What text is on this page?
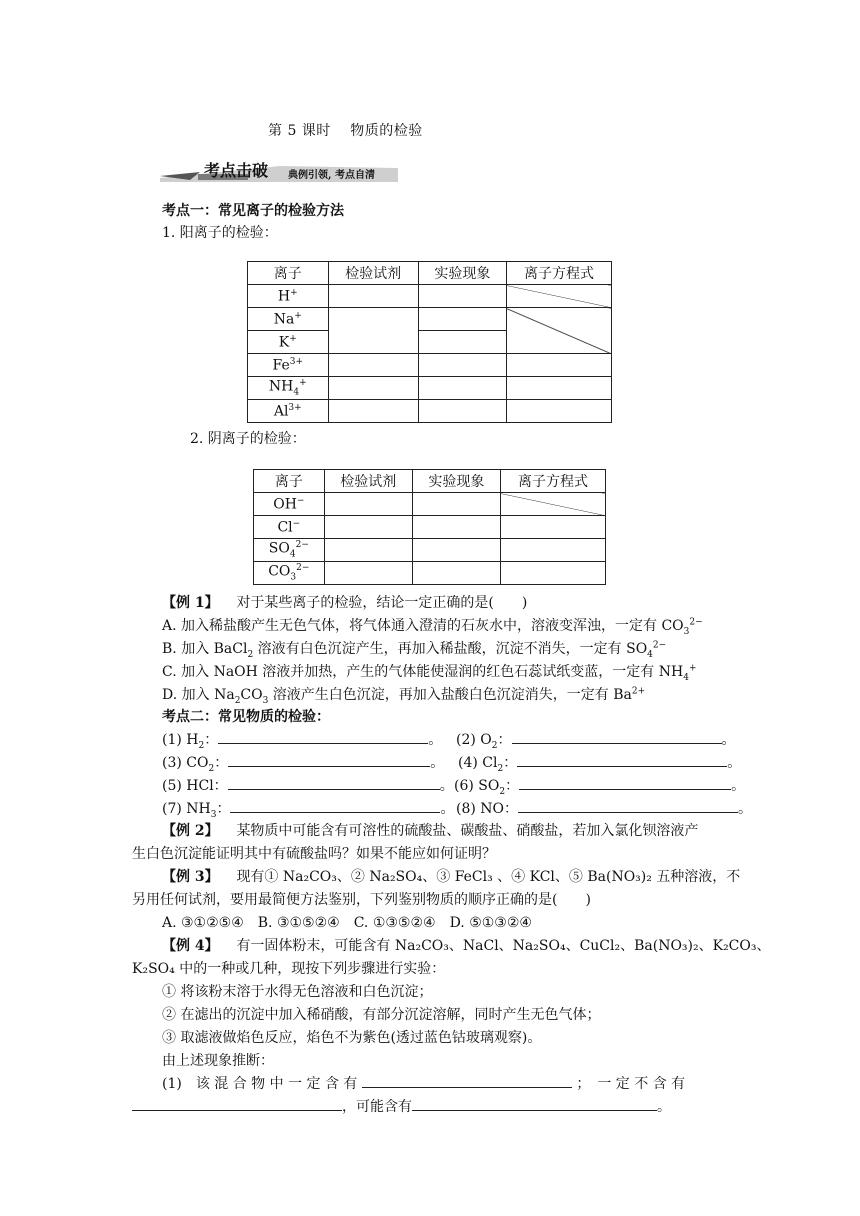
第 5 课时　 物质的检验
考点击破 典例引领, 考点自清
考点一：常见离子的检验方法
1. 阳离子的检验：
离子	检验试剂	实验现象	离子方程式
H+			
Na+			
K+	
$Fe^{3+}$			
$NH_4^+$			
$Al^{3+}$			
2. 阴离子的检验：
离子	检验试剂	实验现象	离子方程式
OH−			
Cl−			
$SO_4^{2-}$			
$CO_3^{2-}$			
【例 1】 对于某些离子的检验，结论一定正确的是(　　)
A. 加入稀盐酸产生无色气体，将气体通入澄清的石灰水中，溶液变浑浊，一定有 $CO_3^{2-}$
B. 加入 BaCl$_2$ 溶液有白色沉淀产生，再加入稀盐酸，沉淀不消失，一定有 $SO_4^{2-}$
C. 加入 NaOH 溶液并加热，产生的气体能使湿润的红色石蕊试纸变蓝，一定有 $NH_4^+$
D. 加入 $Na_2CO_3$ 溶液产生白色沉淀，再加入盐酸白色沉淀消失，一定有 $Ba^{2+}$
考点二：常见物质的检验：
(1) $H_2$：	。 (2) $O_2$：	。
(3) $CO_2$：	。 (4) $Cl_2$：	。
(5) HCl：	。 (6) $SO_2$：	。
(7) $NH_3$：	。 (8) NO：	。
【例 2】 某物质中可能含有可溶性的硫酸盐、碳酸盐、硝酸盐，若加入氯化钡溶液产
生白色沉淀能证明其中有硫酸盐吗？如果不能应如何证明？
【例 3】 现有① Na₂CO₃、② Na₂SO₄、③ FeCl₃ 、④ KCl、⑤ Ba(NO₃)₂ 五种溶液，不
另用任何试剂，要用最简便方法鉴别，下列鉴别物质的顺序正确的是(　　)
A. ③①②⑤④　B. ③①⑤②④　C. ①③⑤②④　D. ⑤①③②④
【例 4】 有一固体粉末，可能含有 Na₂CO₃、NaCl、Na₂SO₄、CuCl₂、Ba(NO₃)₂、K₂CO₃、
K₂SO₄ 中的一种或几种，现按下列步骤进行实验：
① 将该粉末溶于水得无色溶液和白色沉淀；
② 在滤出的沉淀中加入稀硝酸，有部分沉淀溶解，同时产生无色气体；
③ 取滤液做焰色反应，焰色不为紫色(透过蓝色钴玻璃观察)。
由上述现象推断：
(1)　该 混 合 物 中 一 定 含 有	；　一 定 不 含 有
，可能含有	。
